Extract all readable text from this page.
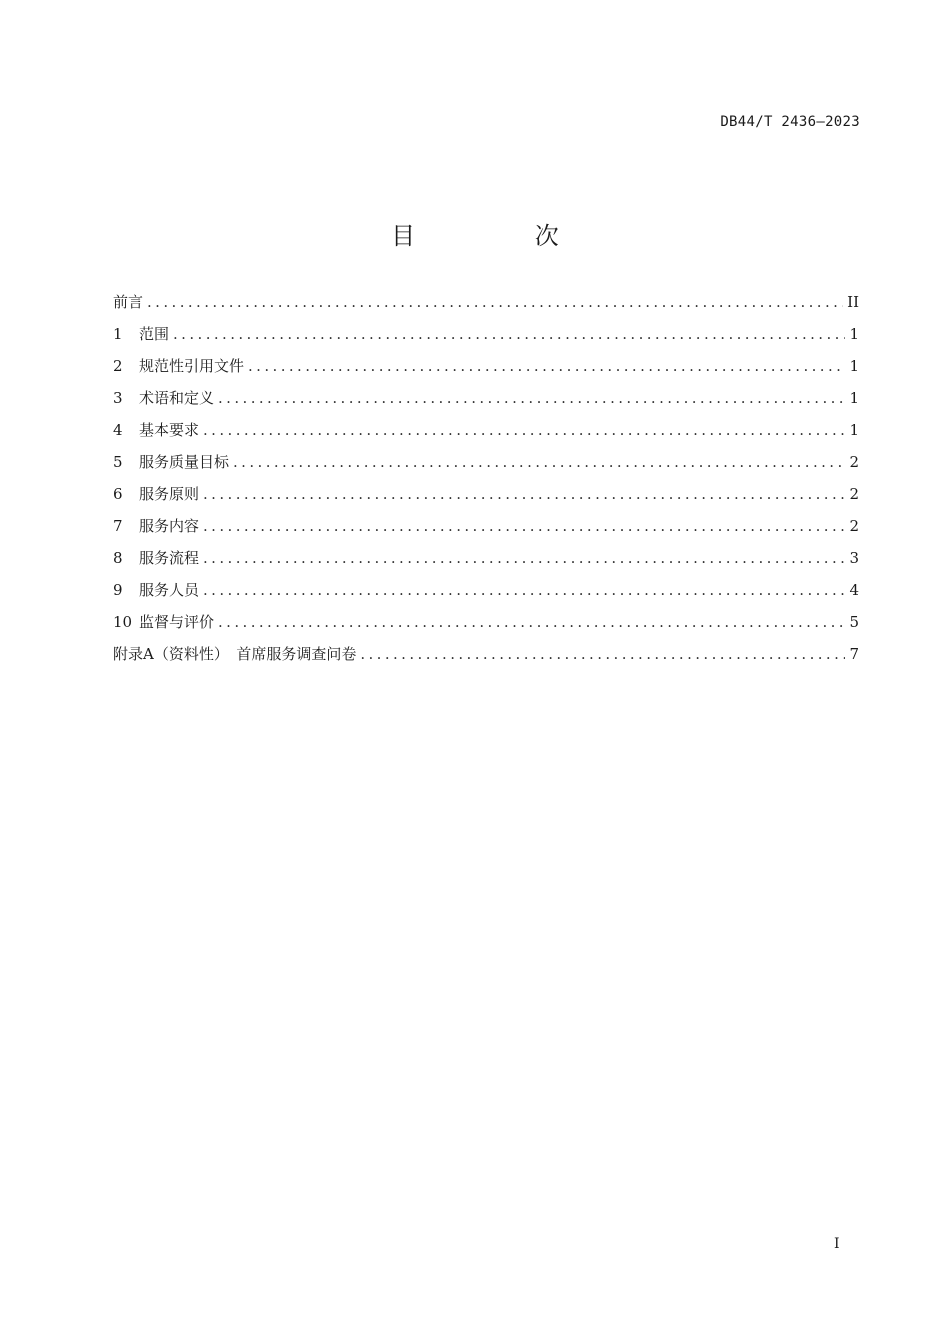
DB44/T 2436—2023
目 次
前言 .....	II
1	范围 .....	1
2	规范性引用文件 .....	1
3	术语和定义 .....	1
4	基本要求 .....	1
5	服务质量目标 .....	2
6	服务原则 .....	2
7	服务内容 .....	2
8	服务流程 .....	3
9	服务人员 .....	4
10 监督与评价 .....	5
附录A（资料性）　首席服务调查问卷 .....	7
I
